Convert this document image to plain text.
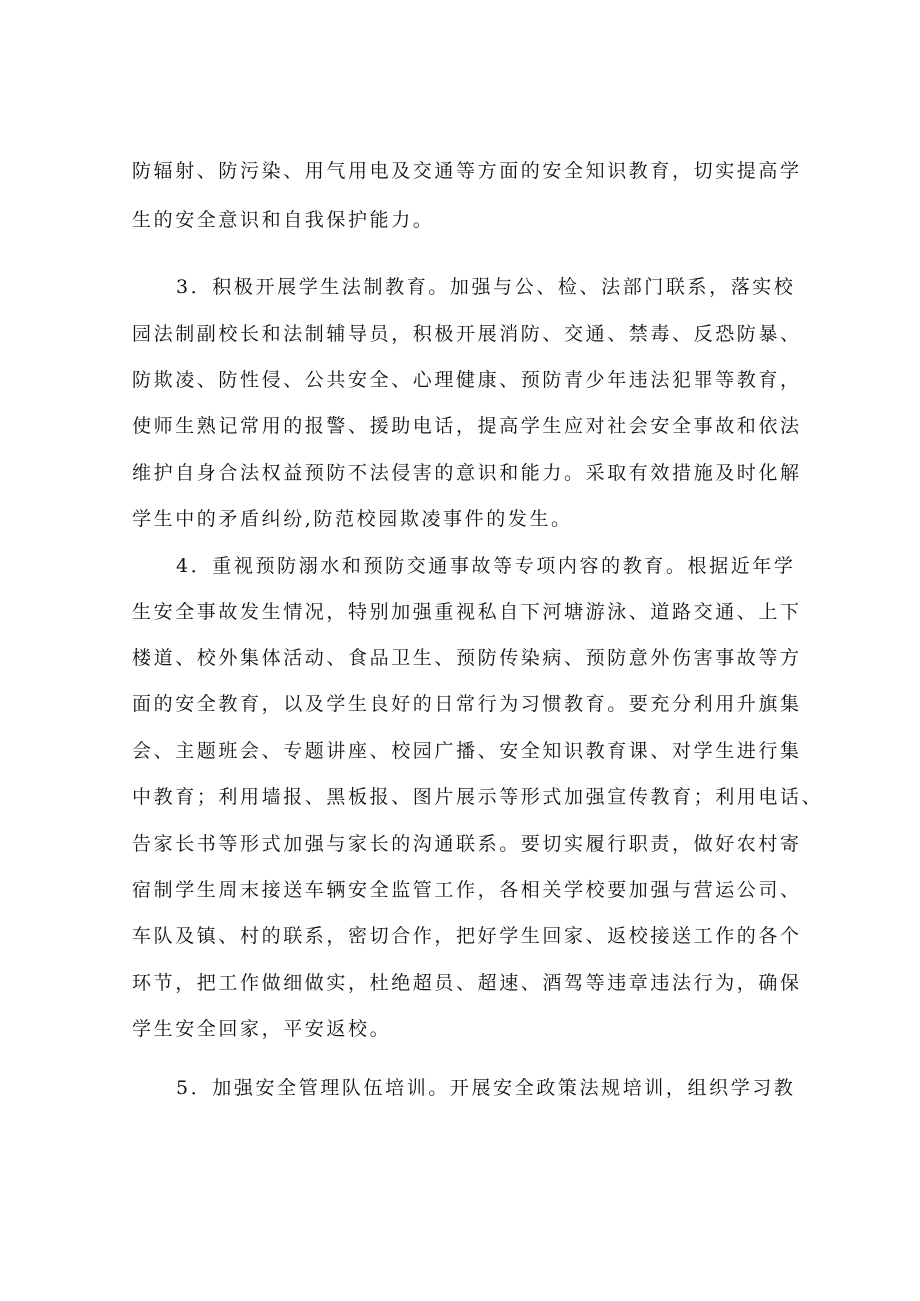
防辐射、防污染、用气用电及交通等方面的安全知识教育，切实提高学
生的安全意识和自我保护能力。
3．积极开展学生法制教育。加强与公、检、法部门联系，落实校
园法制副校长和法制辅导员，积极开展消防、交通、禁毒、反恐防暴、
防欺凌、防性侵、公共安全、心理健康、预防青少年违法犯罪等教育，
使师生熟记常用的报警、援助电话，提高学生应对社会安全事故和依法
维护自身合法权益预防不法侵害的意识和能力。采取有效措施及时化解
学生中的矛盾纠纷,防范校园欺凌事件的发生。
4．重视预防溺水和预防交通事故等专项内容的教育。根据近年学
生安全事故发生情况，特别加强重视私自下河塘游泳、道路交通、上下
楼道、校外集体活动、食品卫生、预防传染病、预防意外伤害事故等方
面的安全教育，以及学生良好的日常行为习惯教育。要充分利用升旗集
会、主题班会、专题讲座、校园广播、安全知识教育课、对学生进行集
中教育；利用墙报、黑板报、图片展示等形式加强宣传教育；利用电话、
告家长书等形式加强与家长的沟通联系。要切实履行职责，做好农村寄
宿制学生周末接送车辆安全监管工作，各相关学校要加强与营运公司、
车队及镇、村的联系，密切合作，把好学生回家、返校接送工作的各个
环节，把工作做细做实，杜绝超员、超速、酒驾等违章违法行为，确保
学生安全回家，平安返校。
5．加强安全管理队伍培训。开展安全政策法规培训，组织学习教
